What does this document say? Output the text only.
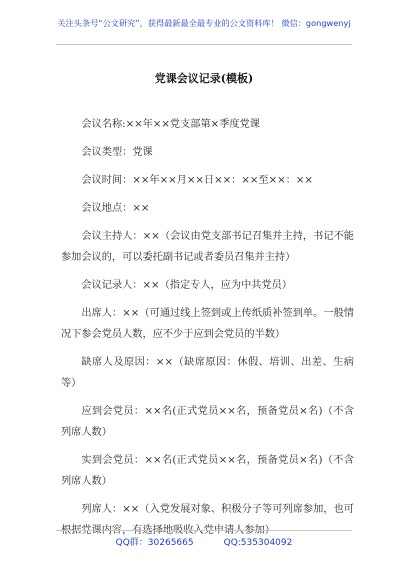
关注头条号“公文研究”，获得最新最全最专业的公文资料库！ 微信：gongwenyj
党课会议记录(模板)

会议名称:××年××党支部第×季度党课

会议类型：党课

会议时间：××年××月××日××：××至××：××

会议地点：××

会议主持人：××（会议由党支部书记召集并主持，书记不能参加会议的，可以委托副书记或者委员召集并主持）

会议记录人：××（指定专人，应为中共党员）

出席人：××（可通过线上签到或上传纸质补签到单。一般情况下参会党员人数，应不少于应到会党员的半数）

缺席人及原因：××（缺席原因：休假、培训、出差、生病等）

应到会党员：××名(正式党员××名，预备党员×名)（不含列席人数）

实到会党员：××名(正式党员××名，预备党员×名)（不含列席人数）

列席人：××（入党发展对象、积极分子等可列席参加，也可根据党课内容，有选择地吸收入党申请人参加）

QQ群：30265665	QQ:535304092
